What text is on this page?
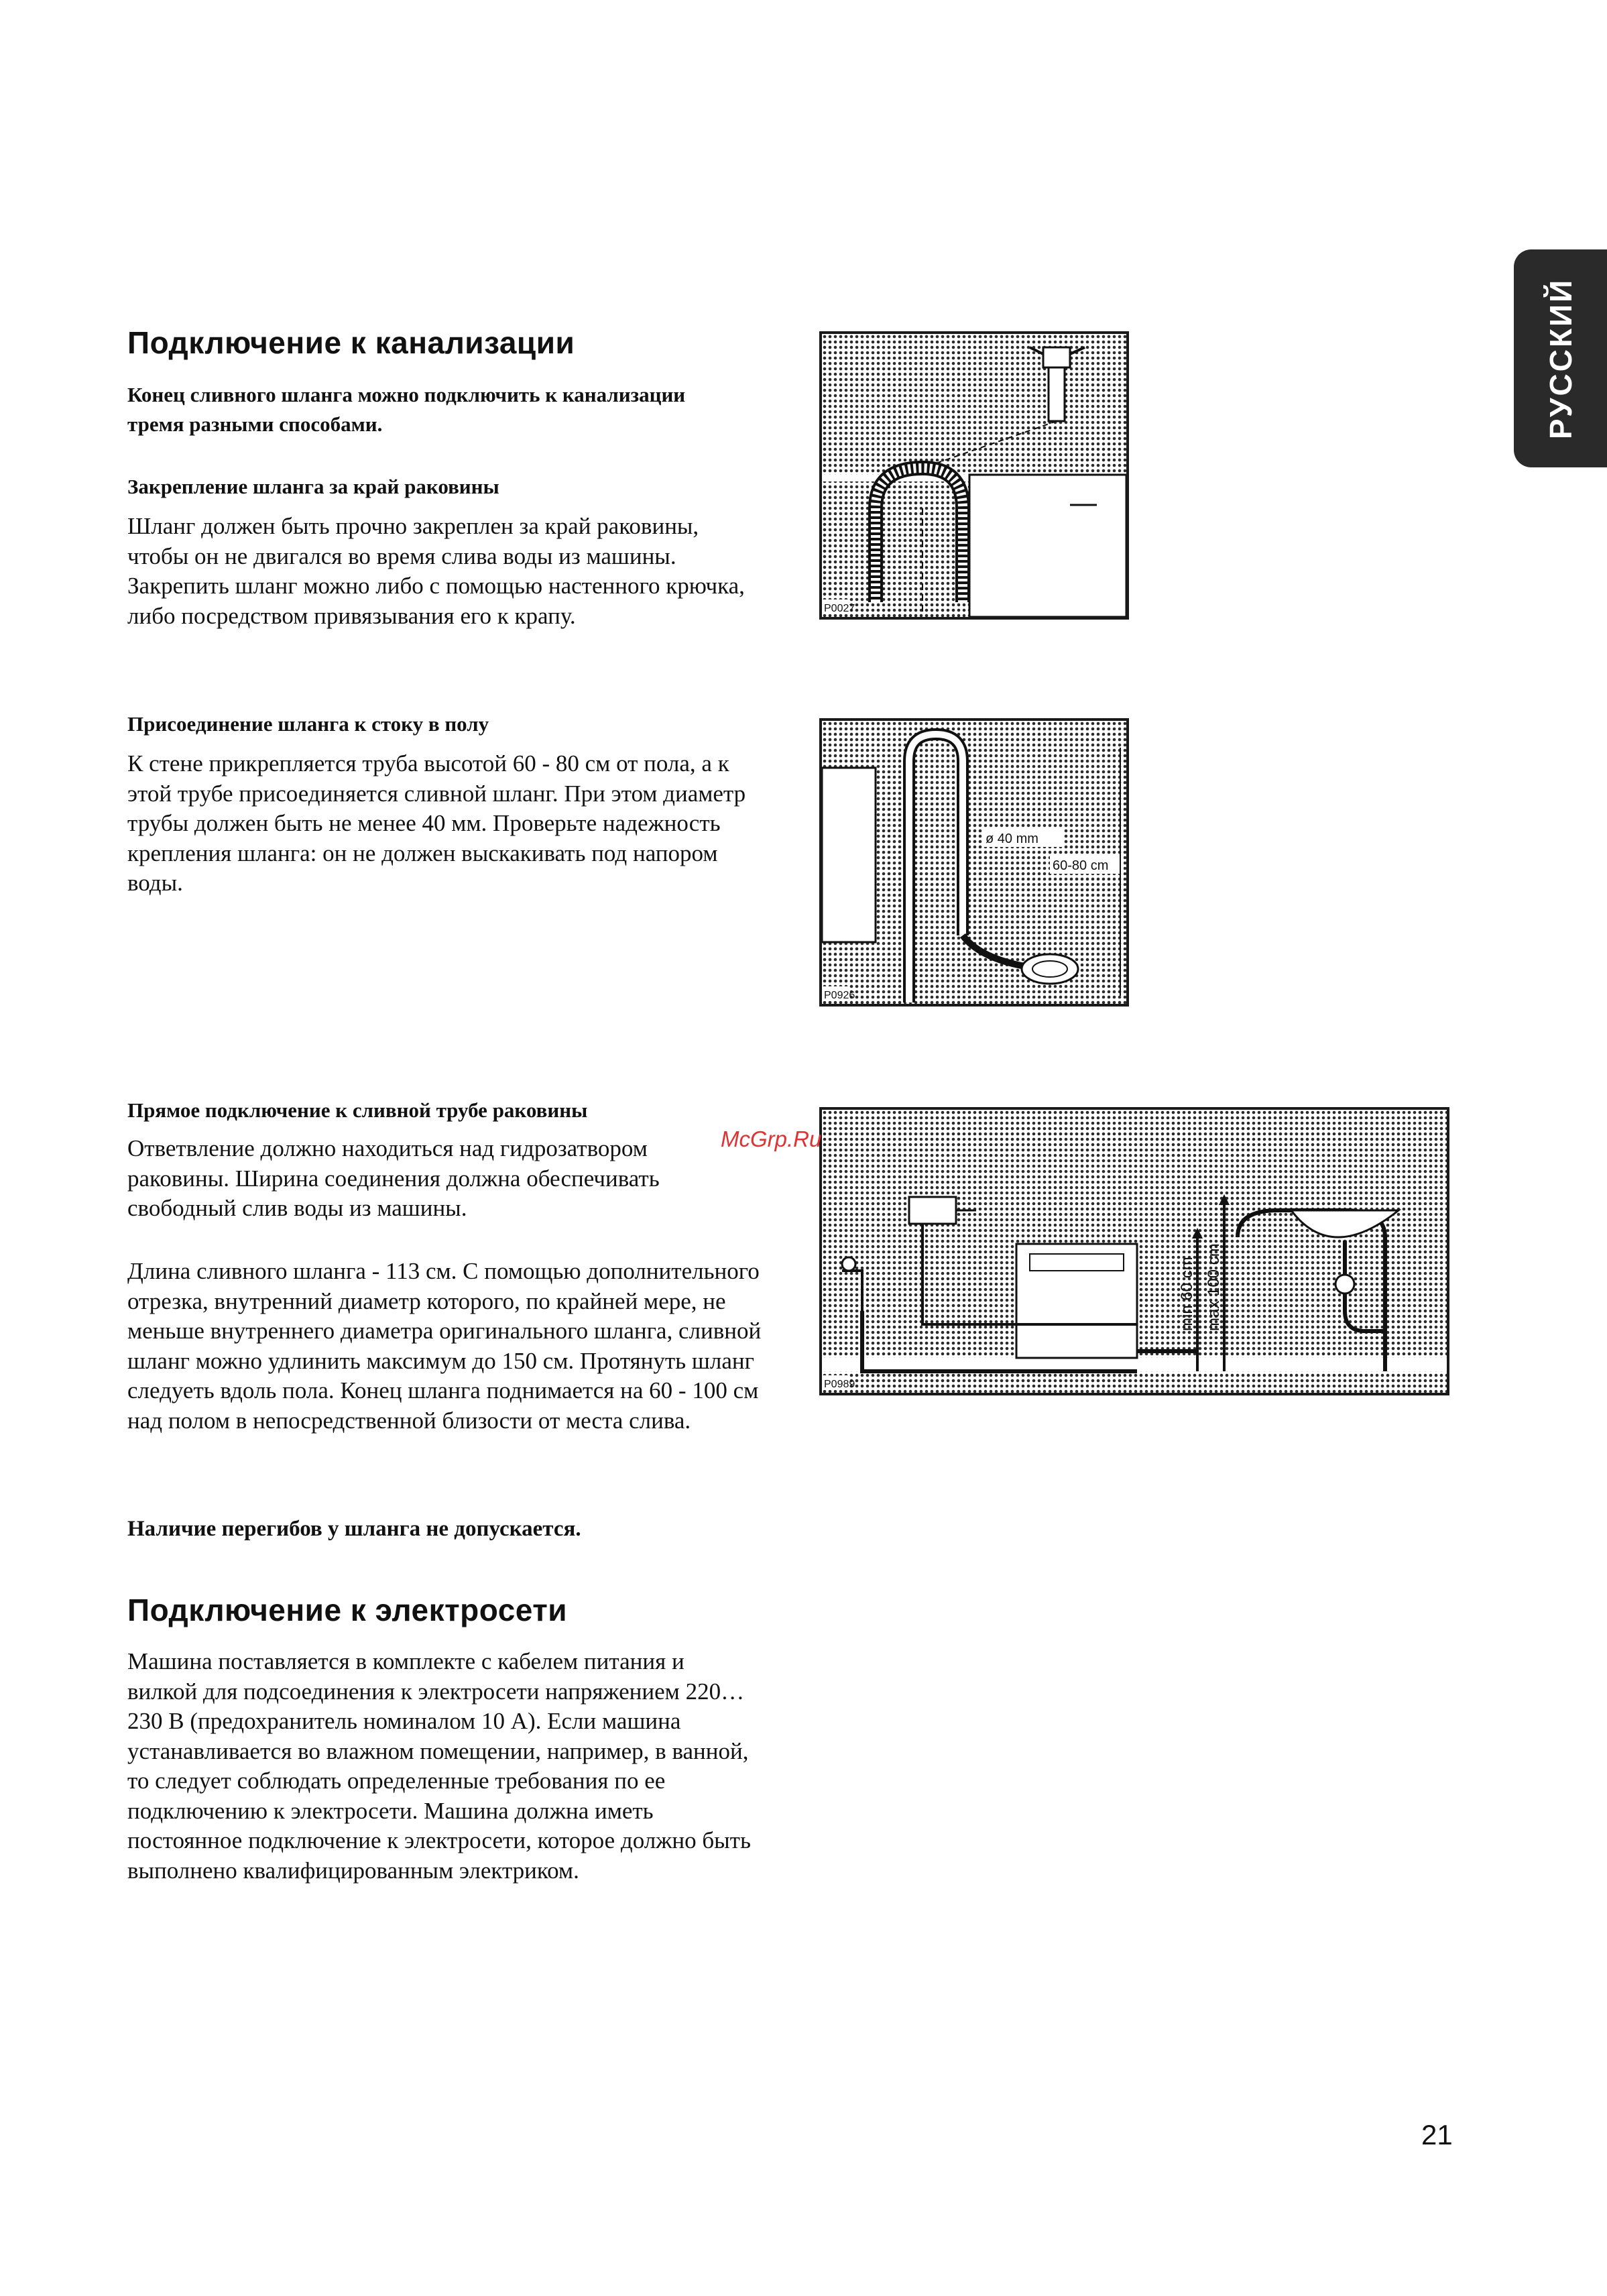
РУССКИЙ
Подключение к канализации

Конец сливного шланга можно подключить к канализации тремя разными способами.

Закрепление шланга за край раковины

Шланг должен быть прочно закреплен за край раковины, чтобы он не двигался во время слива воды из машины. Закрепить шланг можно либо с помощью настенного крючка, либо посредством привязывания его к крапу.

Присоединение шланга к стоку в полу

К стене прикрепляется труба высотой 60 - 80 см от пола, а к этой трубе присоединяется сливной шланг. При этом диаметр трубы должен быть не менее 40 мм. Проверьте надежность крепления шланга: он не должен выскакивать под напором воды.

Прямое подключение к сливной трубе раковины

Ответвление должно находиться над гидрозатвором раковины. Ширина соединения должна обеспечивать свободный слив воды из машины.

Длина сливного шланга - 113 см. С помощью дополнительного отрезка, внутренний диаметр которого, по крайней мере, не меньше внутреннего диаметра оригинального шланга, сливной шланг можно удлинить максимум до 150 см. Протянуть шланг следуеть вдоль пола. Конец шланга поднимается на 60 - 100 см над полом в непосредственной близости от места слива.

Наличие перегибов у шланга не допускается.

Подключение к электросети

Машина поставляется в комплекте с кабелем питания и вилкой для подсоединения к электросети напряжением 220…230 В (предохранитель номиналом 10 А). Если машина устанавливается во влажном помещении, например, в ванной, то следует соблюдать определенные требования по ее подключению к электросети. Машина должна иметь постоянное подключение к электросети, которое должно быть выполнено квалифицированным электриком.

P0027
ø 40 mm
60-80 cm
P0926
min 60 cm max 100 cm
P0989
McGrp.Ru
21
